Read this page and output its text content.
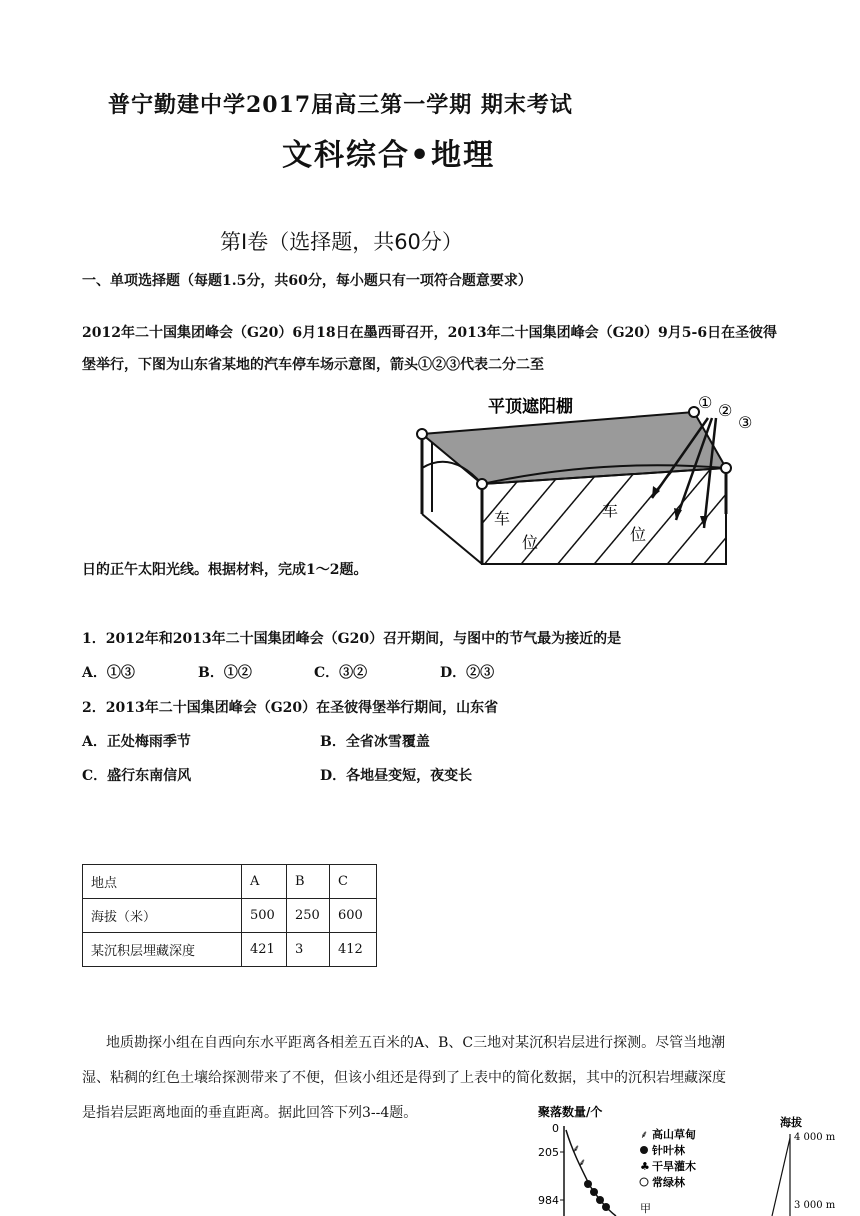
普宁勤建中学2017届高三第一学期 期末考试
文科综合•地理
第Ⅰ卷（选择题，共60分）
一、单项选择题（每题1.5分，共60分，每小题只有一项符合题意要求）
2012年二十国集团峰会（G20）6月18日在墨西哥召开，2013年二十国集团峰会（G20）9月5-6日在圣彼得
堡举行，下图为山东省某地的汽车停车场示意图，箭头①②③代表二分二至
平顶遮阳棚	① ②
③
车
位
车
位
日的正午太阳光线。根据材料，完成1～2题。
1．2012年和2013年二十国集团峰会（G20）召开期间，与图中的节气最为接近的是
A．①③	B．①②	C．③②	D．②③
2．2013年二十国集团峰会（G20）在圣彼得堡举行期间，山东省
A．正处梅雨季节	B．全省冰雪覆盖
C．盛行东南信风	D．各地昼变短，夜变长
地点	A	B	C
海拔（米）	500	250	600
某沉积层埋藏深度	421	3	412
地质勘探小组在自西向东水平距离各相差五百米的A、B、C三地对某沉积岩层进行探测。尽管当地潮
湿、粘稠的红色土壤给探测带来了不便，但该小组还是得到了上表中的简化数据，其中的沉积岩埋藏深度
是指岩层距离地面的垂直距离。据此回答下列3--4题。	聚落数量/个
0
205
984
⸙
⸙
高山草甸
针叶林
干旱灌木
常绿林
⸙
♣
甲
海拔
4 000 m
3 000 m
